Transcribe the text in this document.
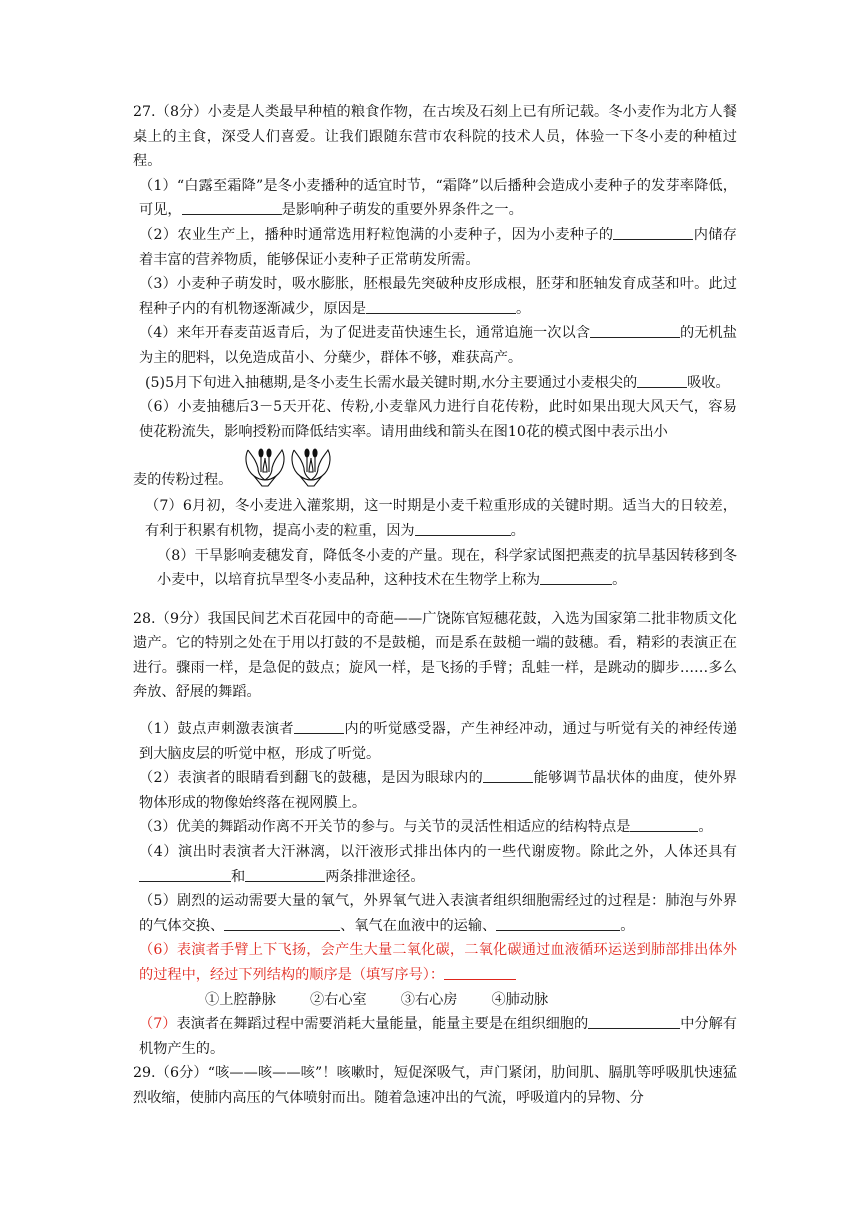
27.（8分）小麦是人类最早种植的粮食作物，在古埃及石刻上已有所记载。冬小麦作为北方人餐桌上的主食，深受人们喜爱。让我们跟随东营市农科院的技术人员，体验一下冬小麦的种植过程。

（1）“白露至霜降”是冬小麦播种的适宜时节，“霜降”以后播种会造成小麦种子的发芽率降低，可见，	是影响种子萌发的重要外界条件之一。

（2）农业生产上，播种时通常选用籽粒饱满的小麦种子，因为小麦种子的	内储存着丰富的营养物质，能够保证小麦种子正常萌发所需。

（3）小麦种子萌发时，吸水膨胀，胚根最先突破种皮形成根，胚芽和胚轴发育成茎和叶。此过程种子内的有机物逐渐减少，原因是	。

（4）来年开春麦苗返青后，为了促进麦苗快速生长，通常追施一次以含	的无机盐为主的肥料，以免造成苗小、分蘖少，群体不够，难获高产。

(5)5月下旬进入抽穗期,是冬小麦生长需水最关键时期,水分主要通过小麦根尖的	吸收。

（6）小麦抽穗后3－5天开花、传粉,小麦靠风力进行自花传粉，此时如果出现大风天气，容易使花粉流失，影响授粉而降低结实率。请用曲线和箭头在图10花的模式图中表示出小

麦的传粉过程。

（7）6月初，冬小麦进入灌浆期，这一时期是小麦千粒重形成的关键时期。适当大的日较差，有利于积累有机物，提高小麦的粒重，因为	。

（8）干旱影响麦穗发育，降低冬小麦的产量。现在，科学家试图把燕麦的抗旱基因转移到冬小麦中，以培育抗旱型冬小麦品种，这种技术在生物学上称为	。

28.（9分）我国民间艺术百花园中的奇葩——广饶陈官短穗花鼓，入选为国家第二批非物质文化遗产。它的特别之处在于用以打鼓的不是鼓槌，而是系在鼓槌一端的鼓穗。看，精彩的表演正在进行。骤雨一样，是急促的鼓点；旋风一样，是飞扬的手臂；乱蛙一样，是跳动的脚步……多么奔放、舒展的舞蹈。

（1）鼓点声刺激表演者	内的听觉感受器，产生神经冲动，通过与听觉有关的神经传递到大脑皮层的听觉中枢，形成了听觉。

（2）表演者的眼睛看到翻飞的鼓穗，是因为眼球内的	能够调节晶状体的曲度，使外界物体形成的物像始终落在视网膜上。

（3）优美的舞蹈动作离不开关节的参与。与关节的灵活性相适应的结构特点是	。

（4）演出时表演者大汗淋漓，以汗液形式排出体内的一些代谢废物。除此之外，人体还具有和	两条排泄途径。

（5）剧烈的运动需要大量的氧气，外界氧气进入表演者组织细胞需经过的过程是：肺泡与外界的气体交换、	、氧气在血液中的运输、	。

（6）表演者手臂上下飞扬，会产生大量二氧化碳，二氧化碳通过血液循环运送到肺部排出体外的过程中，经过下列结构的顺序是（填写序号）：

①上腔静脉 ②右心室 ③右心房 ④肺动脉

（7）表演者在舞蹈过程中需要消耗大量能量，能量主要是在组织细胞的	中分解有机物产生的。

29.（6分）“咳——咳——咳”！咳嗽时，短促深吸气，声门紧闭，肋间肌、膈肌等呼吸肌快速猛烈收缩，使肺内高压的气体喷射而出。随着急速冲出的气流，呼吸道内的异物、分
